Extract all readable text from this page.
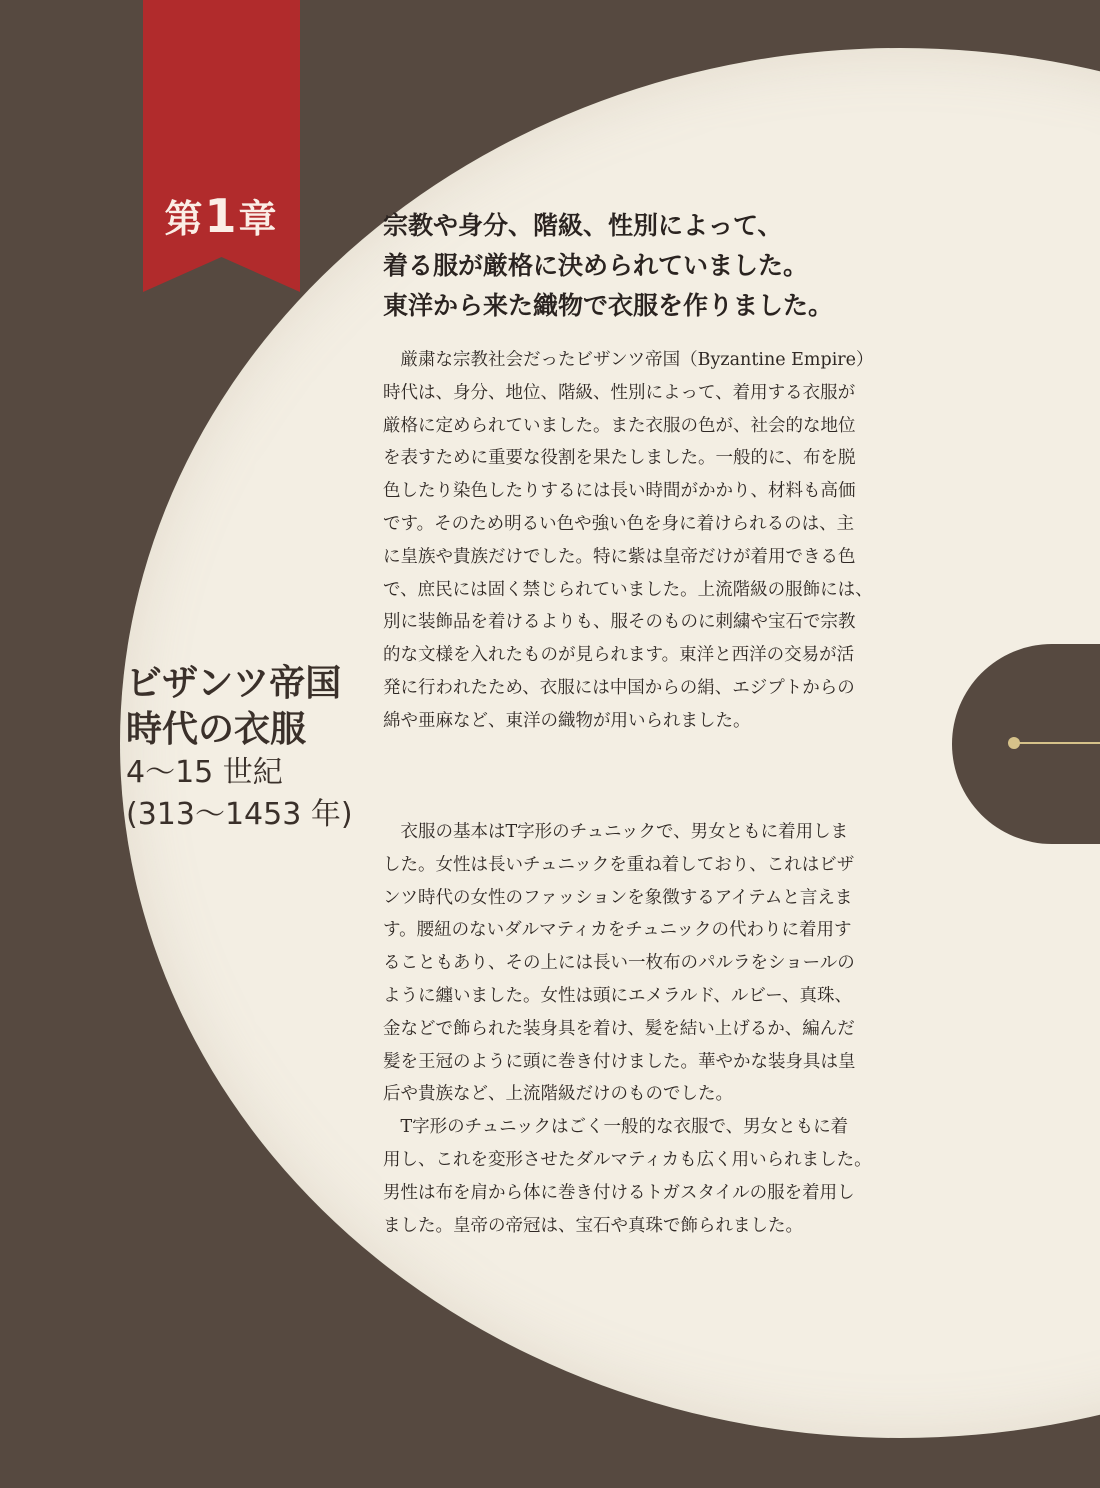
第1章
ビザンツ帝国
時代の衣服
4〜15 世紀
(313〜1453 年)
宗教や身分、階級、性別によって、
着る服が厳格に決められていました。
東洋から来た織物で衣服を作りました。
　厳粛な宗教社会だったビザンツ帝国（Byzantine Empire）
時代は、身分、地位、階級、性別によって、着用する衣服が
厳格に定められていました。また衣服の色が、社会的な地位
を表すために重要な役割を果たしました。一般的に、布を脱
色したり染色したりするには長い時間がかかり、材料も高価
です。そのため明るい色や強い色を身に着けられるのは、主
に皇族や貴族だけでした。特に紫は皇帝だけが着用できる色
で、庶民には固く禁じられていました。上流階級の服飾には、
別に装飾品を着けるよりも、服そのものに刺繍や宝石で宗教
的な文様を入れたものが見られます。東洋と西洋の交易が活
発に行われたため、衣服には中国からの絹、エジプトからの
綿や亜麻など、東洋の織物が用いられました。
　衣服の基本はT字形のチュニックで、男女ともに着用しま
した。女性は長いチュニックを重ね着しており、これはビザ
ンツ時代の女性のファッションを象徴するアイテムと言えま
す。腰紐のないダルマティカをチュニックの代わりに着用す
ることもあり、その上には長い一枚布のパルラをショールの
ように纏いました。女性は頭にエメラルド、ルビー、真珠、
金などで飾られた装身具を着け、髪を結い上げるか、編んだ
髪を王冠のように頭に巻き付けました。華やかな装身具は皇
后や貴族など、上流階級だけのものでした。
　T字形のチュニックはごく一般的な衣服で、男女ともに着
用し、これを変形させたダルマティカも広く用いられました。
男性は布を肩から体に巻き付けるトガスタイルの服を着用し
ました。皇帝の帝冠は、宝石や真珠で飾られました。
